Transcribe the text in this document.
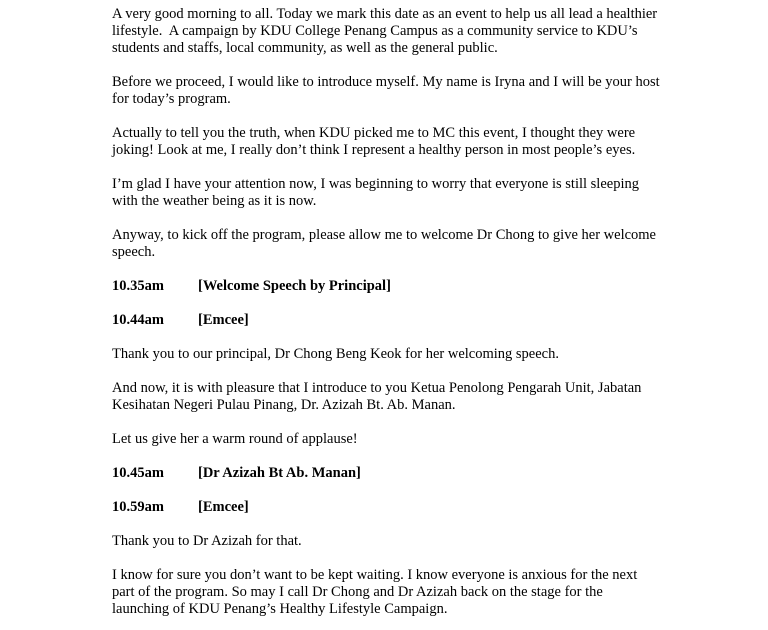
A very good morning to all. Today we mark this date as an event to help us all lead a healthier lifestyle.  A campaign by KDU College Penang Campus as a community service to KDU’s students and staffs, local community, as well as the general public.

Before we proceed, I would like to introduce myself. My name is Iryna and I will be your host for today’s program.

Actually to tell you the truth, when KDU picked me to MC this event, I thought they were joking! Look at me, I really don’t think I represent a healthy person in most people’s eyes.

I’m glad I have your attention now, I was beginning to worry that everyone is still sleeping with the weather being as it is now.

Anyway, to kick off the program, please allow me to welcome Dr Chong to give her welcome speech.

10.35am	[Welcome Speech by Principal]
10.44am	[Emcee]

Thank you to our principal, Dr Chong Beng Keok for her welcoming speech.

And now, it is with pleasure that I introduce to you Ketua Penolong Pengarah Unit, Jabatan Kesihatan Negeri Pulau Pinang, Dr. Azizah Bt. Ab. Manan.

Let us give her a warm round of applause!

10.45am	[Dr Azizah Bt Ab. Manan]
10.59am	[Emcee]

Thank you to Dr Azizah for that.

I know for sure you don’t want to be kept waiting. I know everyone is anxious for the next part of the program. So may I call Dr Chong and Dr Azizah back on the stage for the launching of KDU Penang’s Healthy Lifestyle Campaign.
